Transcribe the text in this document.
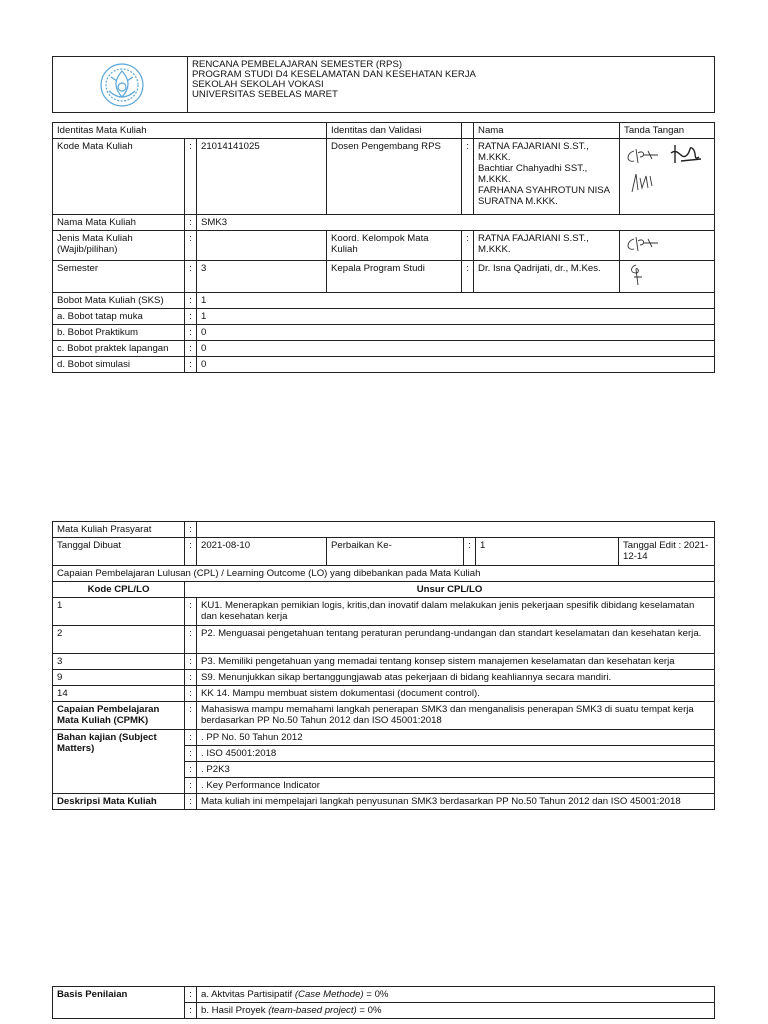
RENCANA PEMBELAJARAN SEMESTER (RPS)
PROGRAM STUDI D4 KESELAMATAN DAN KESEHATAN KERJA
SEKOLAH SEKOLAH VOKASI
UNIVERSITAS SEBELAS MARET
Identitas Mata Kuliah			Identitas dan Validasi		Nama	Tanda Tangan
Kode Mata Kuliah	:	21014141025	Dosen Pengembang RPS	:	RATNA FAJARIANI S.ST., M.KKK.
Bachtiar Chahyadhi SST., M.KKK.
FARHANA SYAHROTUN NISA SURATNA M.KKK.

Nama Mata Kuliah	:	SMK3				
Jenis Mata Kuliah (Wajib/pilihan)	:		Koord. Kelompok Mata Kuliah	:	RATNA FAJARIANI S.ST., M.KKK.	
Semester	:	3	Kepala Program Studi	:	Dr. Isna Qadrijati, dr., M.Kes.	
Bobot Mata Kuliah (SKS)	:	1				
a. Bobot tatap muka	:	1				
b. Bobot Praktikum	:	0				
c. Bobot praktek lapangan	:	0				
d. Bobot simulasi	:	0				
Mata Kuliah Prasyarat	:					
Tanggal Dibuat	:	2021-08-10	Perbaikan Ke-	:	1	Tanggal Edit : 2021-12-14
Capaian Pembelajaran Lulusan (CPL) / Learning Outcome (LO) yang dibebankan pada Mata Kuliah						
Kode CPL/LO	Unsur CPL/LO					
1	:	KU1. Menerapkan pemikian logis, kritis,dan inovatif dalam melakukan jenis pekerjaan spesifik dibidang keselamatan dan kesehatan kerja				
2	:	P2. Menguasai pengetahuan tentang peraturan perundang-undangan dan standart keselamatan dan kesehatan kerja.				
3	:	P3. Memiliki pengetahuan yang memadai tentang konsep sistem manajemen keselamatan dan kesehatan kerja				
9	:	S9. Menunjukkan sikap bertanggungjawab atas pekerjaan di bidang keahliannya secara mandiri.				
14	:	KK 14. Mampu membuat sistem dokumentasi (document control).				
Capaian Pembelajaran Mata Kuliah (CPMK)	:	Mahasiswa mampu memahami langkah penerapan SMK3 dan menganalisis penerapan SMK3 di suatu tempat kerja berdasarkan PP No.50 Tahun 2012 dan ISO 45001:2018				
Bahan kajian (Subject Matters)	:	. PP No. 50 Tahun 2012				
	:	. ISO 45001:2018				
	:	. P2K3				
	:	. Key Performance Indicator				
Deskripsi Mata Kuliah	:	Mata kuliah ini mempelajari langkah penyusunan SMK3 berdasarkan PP No.50 Tahun 2012 dan ISO 45001:2018				
Basis Penilaian	:	a. Aktvitas Partisipatif (Case Methode) = 0%
	:	b. Hasil Proyek (team-based project) = 0%
